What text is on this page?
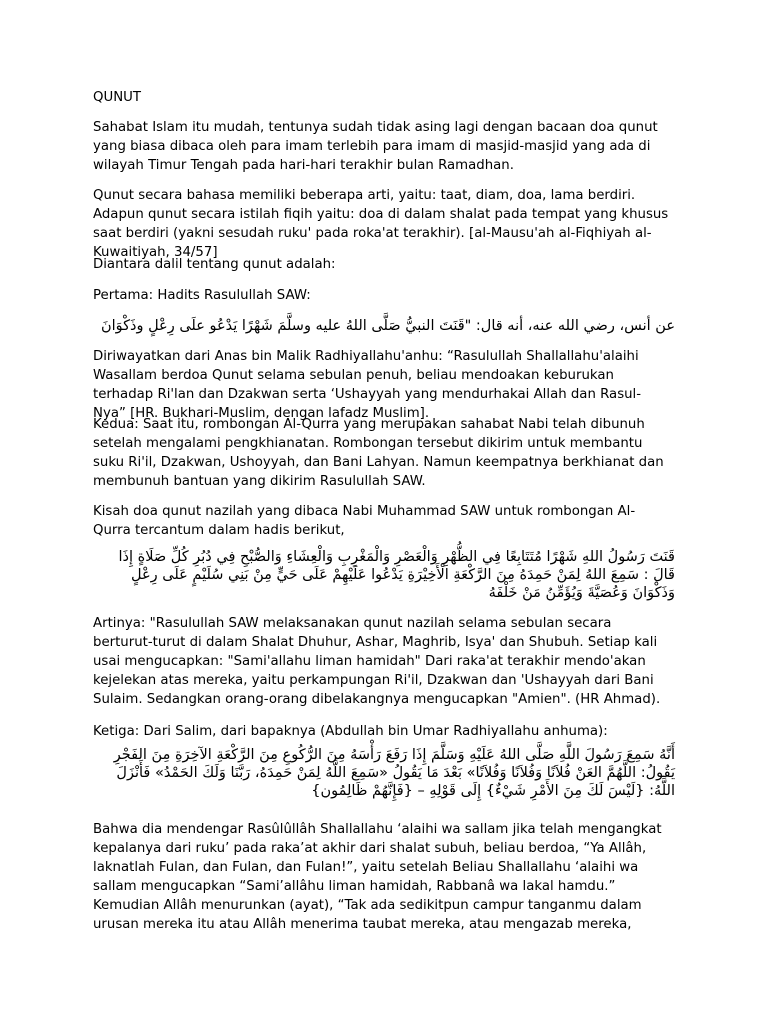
QUNUT

Sahabat Islam itu mudah, tentunya sudah tidak asing lagi dengan bacaan doa qunut yang biasa dibaca oleh para imam terlebih para imam di masjid-masjid yang ada di wilayah Timur Tengah pada hari-hari terakhir bulan Ramadhan.

Qunut secara bahasa memiliki beberapa arti, yaitu: taat, diam, doa, lama berdiri. Adapun qunut secara istilah fiqih yaitu: doa di dalam shalat pada tempat yang khusus saat berdiri (yakni sesudah ruku' pada roka'at terakhir). [al-Mausu'ah al-Fiqhiyah al-Kuwaitiyah, 34/57]

Diantara dalil tentang qunut adalah:

Pertama: Hadits Rasulullah SAW:

عن أنس، رضي الله عنه، أنه قال: "قَنَتَ النبيُّ صَلَّى اللهُ عليه وسلَّمَ شَهْرًا يَدْعُو علَى رِعْلٍ وذَكْوَانَ

Diriwayatkan dari Anas bin Malik Radhiyallahu'anhu: “Rasulullah Shallallahu'alaihi Wasallam berdoa Qunut selama sebulan penuh, beliau mendoakan keburukan terhadap Ri'lan dan Dzakwan serta ‘Ushayyah yang mendurhakai Allah dan Rasul-Nya” [HR. Bukhari-Muslim, dengan lafadz Muslim].

Kedua: Saat itu, rombongan Al-Qurra yang merupakan sahabat Nabi telah dibunuh setelah mengalami pengkhianatan. Rombongan tersebut dikirim untuk membantu suku Ri'il, Dzakwan, Ushoyyah, dan Bani Lahyan. Namun keempatnya berkhianat dan membunuh bantuan yang dikirim Rasulullah SAW.

Kisah doa qunut nazilah yang dibaca Nabi Muhammad SAW untuk rombongan Al-Qurra tercantum dalam hadis berikut,

قَنَتَ رَسُولُ اللهِ شَهْرًا مُتَتَابِعًا فِي الظُّهْرِ وَالْعَصْرِ وَالْمَغْرِبِ وَالْعِشَاءِ وَالصُّبْحِ فِي دُبُرِ كُلِّ صَلَاةٍ إِذَا قَالَ : سَمِعَ اللهُ لِمَنْ حَمِدَهُ مِنَ الرَّكْعَةِ الْأَخِيْرَةِ يَدْعُوا عَلَيْهِمْ عَلَى حَيٍّ مِنْ بَنِي سُلَيْمٍ عَلَى رِعْلٍ وَذَكْوَانَ وَعُصَيَّةَ وَيُؤَمِّنُ مَنْ خَلْفَهُ

Artinya: "Rasulullah SAW melaksanakan qunut nazilah selama sebulan secara berturut-turut di dalam Shalat Dhuhur, Ashar, Maghrib, Isya' dan Shubuh. Setiap kali usai mengucapkan: "Sami'allahu liman hamidah" Dari raka'at terakhir mendo'akan kejelekan atas mereka, yaitu perkampungan Ri'il, Dzakwan dan 'Ushayyah dari Bani Sulaim. Sedangkan orang-orang dibelakangnya mengucapkan "Amien". (HR Ahmad).

Ketiga: Dari Salim, dari bapaknya (Abdullah bin Umar Radhiyallahu anhuma):

أَنَّهُ سَمِعَ رَسُولَ اللَّهِ صَلَّى اللهُ عَلَيْهِ وَسَلَّمَ إِذَا رَفَعَ رَأْسَهُ مِنَ الرُّكُوعِ مِنَ الرَّكْعَةِ الآخِرَةِ مِنَ الفَجْرِ يَقُولُ: اللَّهُمَّ العَنْ فُلاَنًا وَفُلاَنًا وَفُلاَنًا» بَعْدَ مَا يَقُولُ «سَمِعَ اللَّهُ لِمَنْ حَمِدَهُ، رَبَّنَا وَلَكَ الحَمْدُ» فَأَنْزَلَ اللَّهُ: {لَيْسَ لَكَ مِنَ الأَمْرِ شَيْءٌ} إِلَى قَوْلِهِ – {فَإِنَّهُمْ ظَالِمُون}

Bahwa dia mendengar Rasûlûllâh Shallallahu ‘alaihi wa sallam jika telah mengangkat kepalanya dari ruku’ pada raka’at akhir dari shalat subuh, beliau berdoa, “Ya Allâh, laknatlah Fulan, dan Fulan, dan Fulan!”, yaitu setelah Beliau Shallallahu ‘alaihi wa sallam mengucapkan “Sami’allâhu liman hamidah, Rabbanâ wa lakal hamdu.” Kemudian Allâh menurunkan (ayat), “Tak ada sedikitpun campur tanganmu dalam urusan mereka itu atau Allâh menerima taubat mereka, atau mengazab mereka,
